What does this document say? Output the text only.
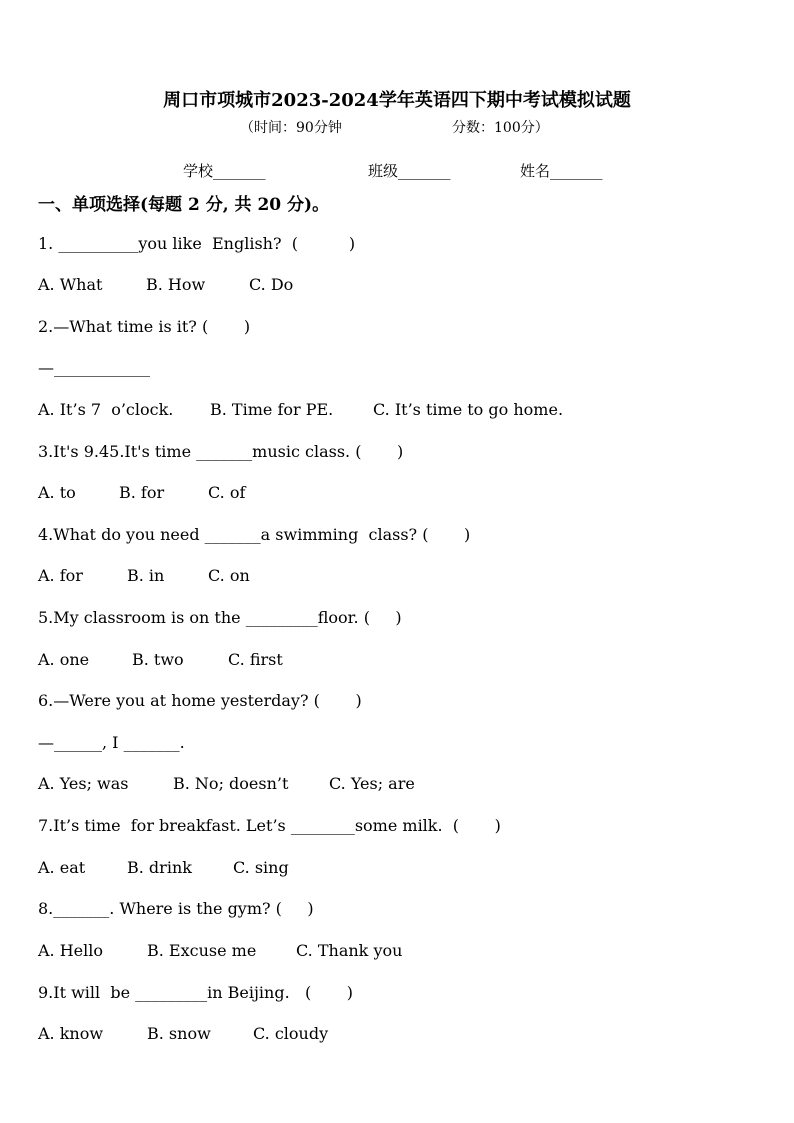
周口市项城市2023-2024学年英语四下期中考试模拟试题
（时间：90分钟	分数：100分）
学校_______	班级_______	姓名_______
一、单项选择(每题 2 分, 共 20 分)。
1. __________you like  English?  (          )
A. What	B. How	C. Do
2.—What time is it? (       )
—____________
A. It’s 7  o’clock. B. Time for PE. C. It’s time to go home.
3.It's 9.45.It's time _______music class. (       )
A. to	B. for	C. of
4.What do you need _______a swimming  class? (       )
A. for	B. in	C. on
5.My classroom is on the _________floor. (     )
A. one	B. two	C. first
6.—Were you at home yesterday? (       )
—______, I _______.
A. Yes; was	B. No; doesn’t	C. Yes; are
7.It’s time  for breakfast. Let’s ________some milk.  (       )
A. eat	B. drink	C. sing
8._______. Where is the gym? (     )
A. Hello	B. Excuse me C. Thank you
9.It will  be _________in Beijing.   (       )
A. know	B. snow	C. cloudy
